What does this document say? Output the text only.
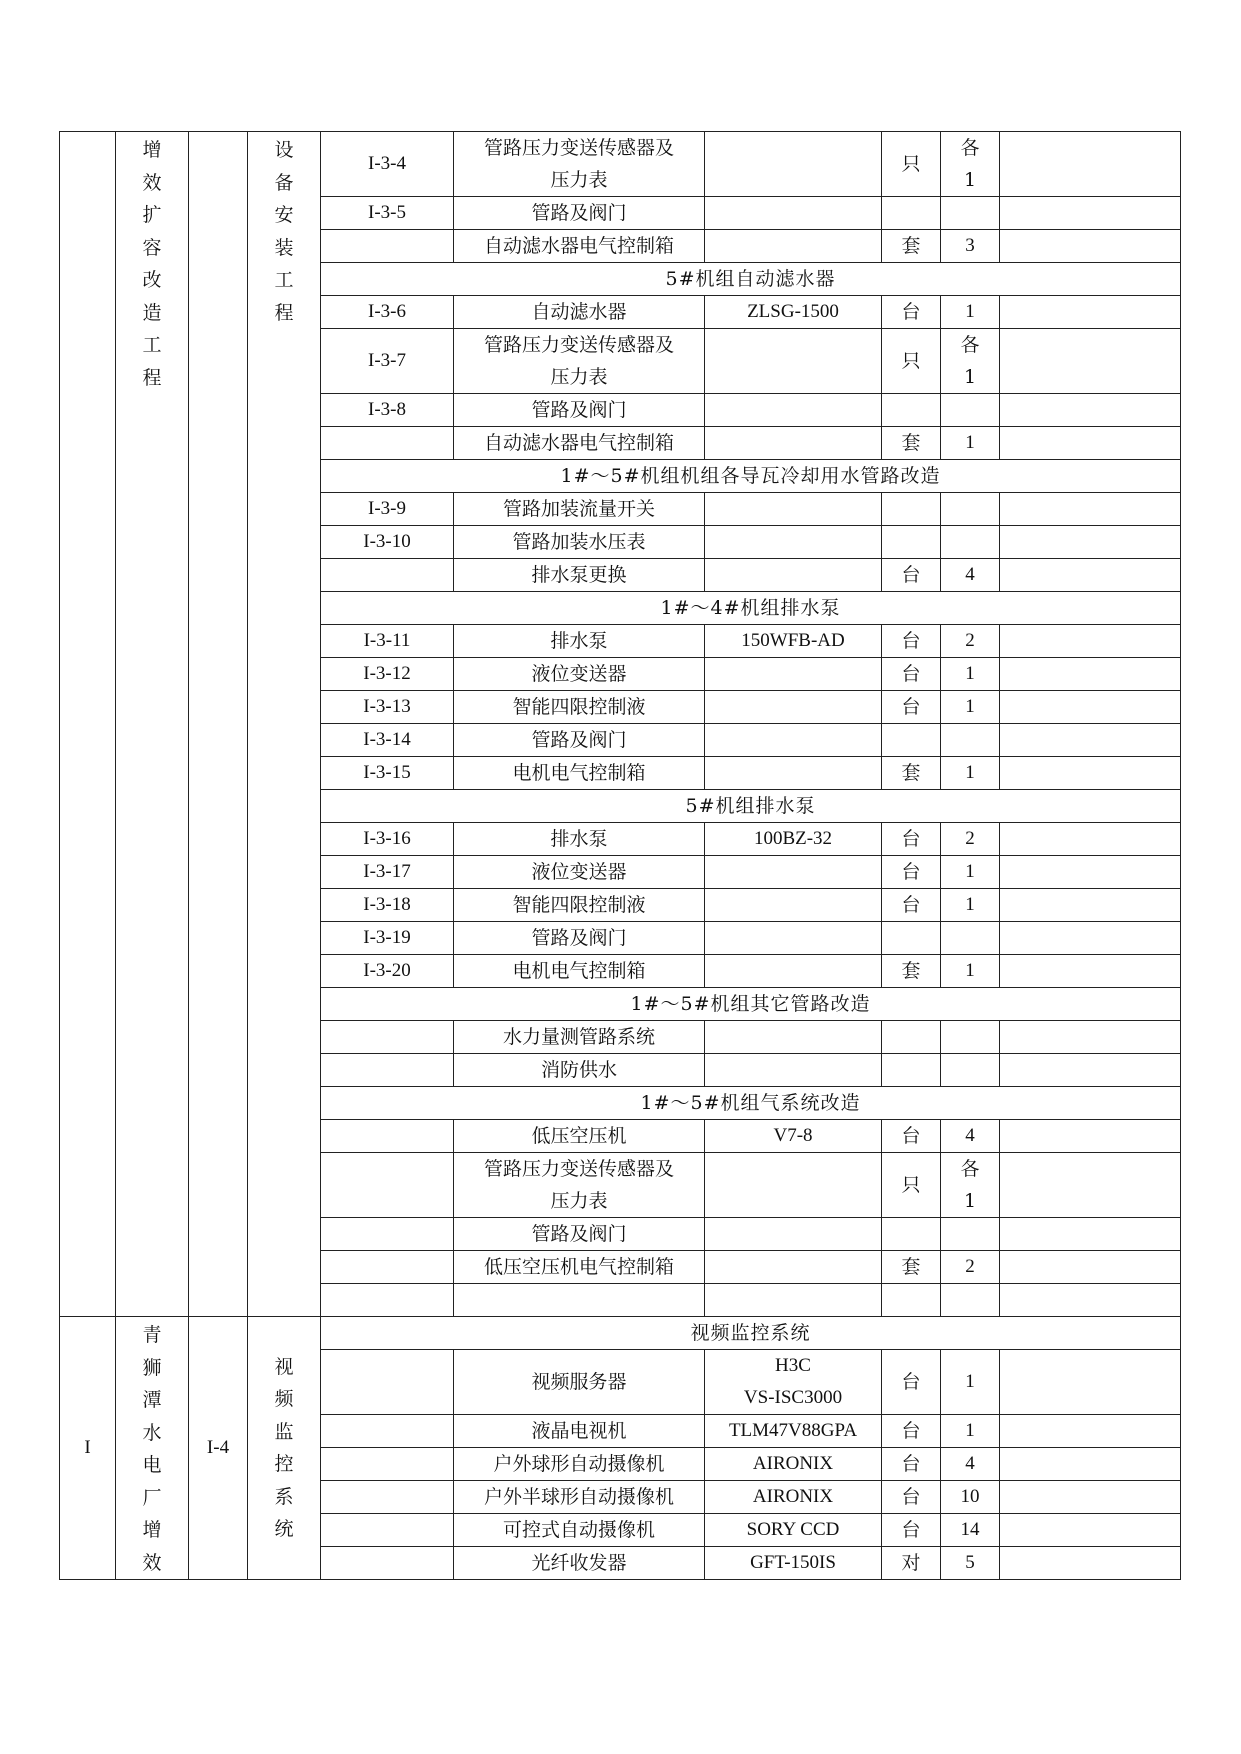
	增效扩容改造工程		设备安装工程	I-3-4	管路压力变送传感器及
压力表		只	各
1	

				I-3-5	管路及阀门				
					自动滤水器电气控制箱		套	3	
				5#机组自动滤水器					
				I-3-6	自动滤水器	ZLSG-1500	台	1	
				I-3-7	管路压力变送传感器及
压力表		只	各
1	

				I-3-8	管路及阀门				
					自动滤水器电气控制箱		套	1	
				1#～5#机组机组各导瓦冷却用水管路改造					
				I-3-9	管路加装流量开关				
				I-3-10	管路加装水压表				
					排水泵更换		台	4	
				1#～4#机组排水泵					
				I-3-11	排水泵	150WFB-AD	台	2	
				I-3-12	液位变送器		台	1	
				I-3-13	智能四限控制液		台	1	
				I-3-14	管路及阀门				
				I-3-15	电机电气控制箱		套	1	
				5#机组排水泵					
				I-3-16	排水泵	100BZ-32	台	2	
				I-3-17	液位变送器		台	1	
				I-3-18	智能四限控制液		台	1	
				I-3-19	管路及阀门				
				I-3-20	电机电气控制箱		套	1	
				1#～5#机组其它管路改造					
					水力量测管路系统				
					消防供水				
				1#～5#机组气系统改造					
					低压空压机	V7-8	台	4	

					管路压力变送传感器及
压力表		只	各
1	

					管路及阀门				
					低压空压机电气控制箱		套	2	

I	青狮潭水电厂增效	I-4	视频监控系统	视频监控系统					
					视频服务器	H3C
VS-ISC3000	台	1	
					液晶电视机	TLM47V88GPA	台	1	
					户外球形自动摄像机	AIRONIX	台	4	
					户外半球形自动摄像机	AIRONIX	台	10	
					可控式自动摄像机	SORY CCD	台	14	
					光纤收发器	GFT-150IS	对	5	
